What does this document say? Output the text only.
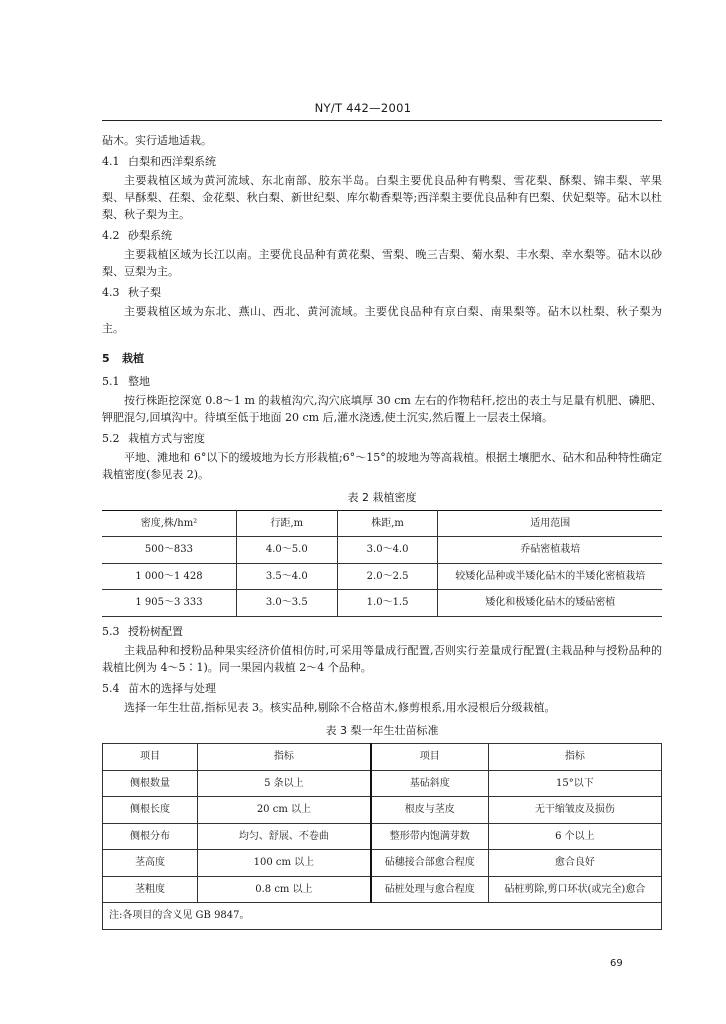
NY/T 442—2001

砧木。实行适地适栽。

4.1 白梨和西洋梨系统

主要栽植区域为黄河流域、东北南部、胶东半岛。白梨主要优良品种有鸭梨、雪花梨、酥梨、锦丰梨、苹果梨、早酥梨、茌梨、金花梨、秋白梨、新世纪梨、库尔勒香梨等;西洋梨主要优良品种有巴梨、伏妃梨等。砧木以杜梨、秋子梨为主。

4.2 砂梨系统

主要栽植区域为长江以南。主要优良品种有黄花梨、雪梨、晚三吉梨、菊水梨、丰水梨、幸水梨等。砧木以砂梨、豆梨为主。

4.3 秋子梨

主要栽植区域为东北、燕山、西北、黄河流域。主要优良品种有京白梨、南果梨等。砧木以杜梨、秋子梨为主。

5 栽植

5.1 整地

按行株距挖深宽 0.8～1 m 的栽植沟穴,沟穴底填厚 30 cm 左右的作物秸秆,挖出的表土与足量有机肥、磷肥、钾肥混匀,回填沟中。待填至低于地面 20 cm 后,灌水浇透,使土沉实,然后覆上一层表土保墒。

5.2 栽植方式与密度

平地、滩地和 6°以下的缓坡地为长方形栽植;6°～15°的坡地为等高栽植。根据土壤肥水、砧木和品种特性确定栽植密度(参见表 2)。

表 2 栽植密度

密度,株/hm²	行距,m	株距,m	适用范围
500～833	4.0～5.0	3.0～4.0	乔砧密植栽培
1 000～1 428	3.5～4.0	2.0～2.5	较矮化品种或半矮化砧木的半矮化密植栽培
1 905～3 333	3.0～3.5	1.0～1.5	矮化和极矮化砧木的矮砧密植

5.3 授粉树配置

主栽品种和授粉品种果实经济价值相仿时,可采用等量成行配置,否则实行差量成行配置(主栽品种与授粉品种的栽植比例为 4～5∶1)。同一果园内栽植 2～4 个品种。

5.4 苗木的选择与处理

选择一年生壮苗,指标见表 3。核实品种,剔除不合格苗木,修剪根系,用水浸根后分级栽植。

表 3 梨一年生壮苗标准

项目	指标	项目	指标
侧根数量	5 条以上	基砧斜度	15°以下
侧根长度	20 cm 以上	根皮与茎皮	无干缩皱皮及损伤
侧根分布	均匀、舒展、不卷曲	整形带内饱满芽数	6 个以上
茎高度	100 cm 以上	砧穗接合部愈合程度	愈合良好
茎粗度	0.8 cm 以上	砧桩处理与愈合程度	砧桩剪除,剪口环状(或完全)愈合
注:各项目的含义见 GB 9847。			
69
